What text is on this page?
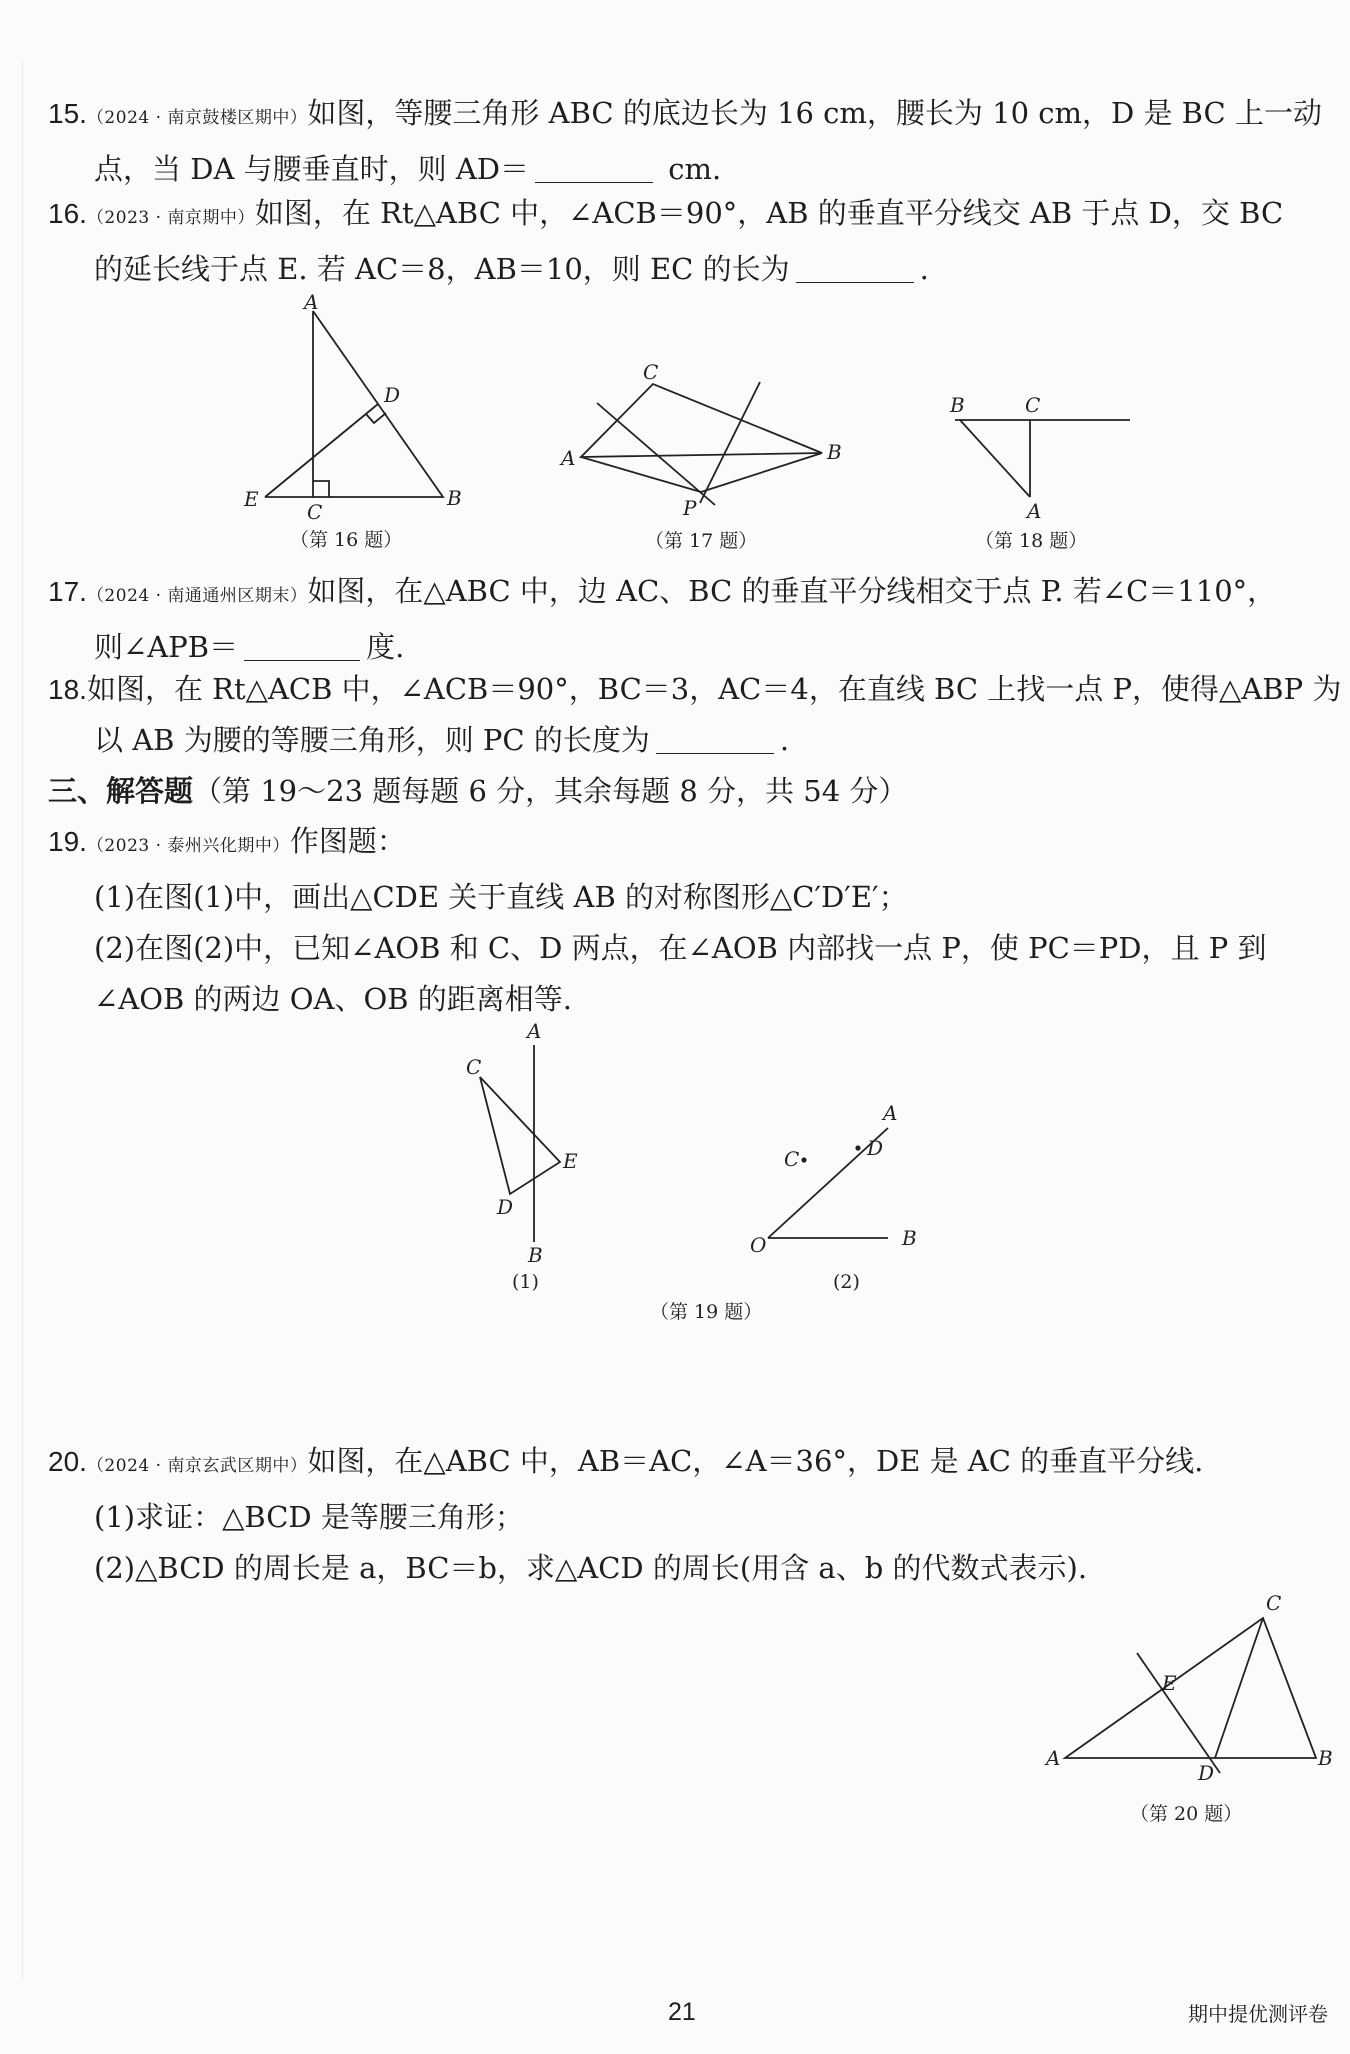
15.（2024 · 南京鼓楼区期中）如图，等腰三角形 ABC 的底边长为 16 cm，腰长为 10 cm，D 是 BC 上一动
点，当 DA 与腰垂直时，则 AD＝	cm.
16.（2023 · 南京期中）如图，在 Rt△ABC 中，∠ACB＝90°，AB 的垂直平分线交 AB 于点 D，交 BC
的延长线于点 E. 若 AC＝8，AB＝10，则 EC 的长为	.
A
D
E
C
B
（第 16 题）
C
A	B
P
（第 17 题）
B	C
A
（第 18 题）
17.（2024 · 南通通州区期末）如图，在△ABC 中，边 AC、BC 的垂直平分线相交于点 P. 若∠C＝110°，
则∠APB＝	度.
18.如图，在 Rt△ACB 中，∠ACB＝90°，BC＝3，AC＝4，在直线 BC 上找一点 P，使得△ABP 为
以 AB 为腰的等腰三角形，则 PC 的长度为	.
三、解答题（第 19～23 题每题 6 分，其余每题 8 分，共 54 分）
19.（2023 · 泰州兴化期中）作图题：
(1)在图(1)中，画出△CDE 关于直线 AB 的对称图形△C′D′E′；
(2)在图(2)中，已知∠AOB 和 C、D 两点，在∠AOB 内部找一点 P，使 PC＝PD，且 P 到
∠AOB 的两边 OA、OB 的距离相等.
A
B
C
E
D
(1)
A
B
C	D
O
(2)
（第 19 题）
20.（2024 · 南京玄武区期中）如图，在△ABC 中，AB＝AC，∠A＝36°，DE 是 AC 的垂直平分线.
(1)求证：△BCD 是等腰三角形；
(2)△BCD 的周长是 a，BC＝b，求△ACD 的周长(用含 a、b 的代数式表示).
C
E
A
D
B
（第 20 题）
21	期中提优测评卷
